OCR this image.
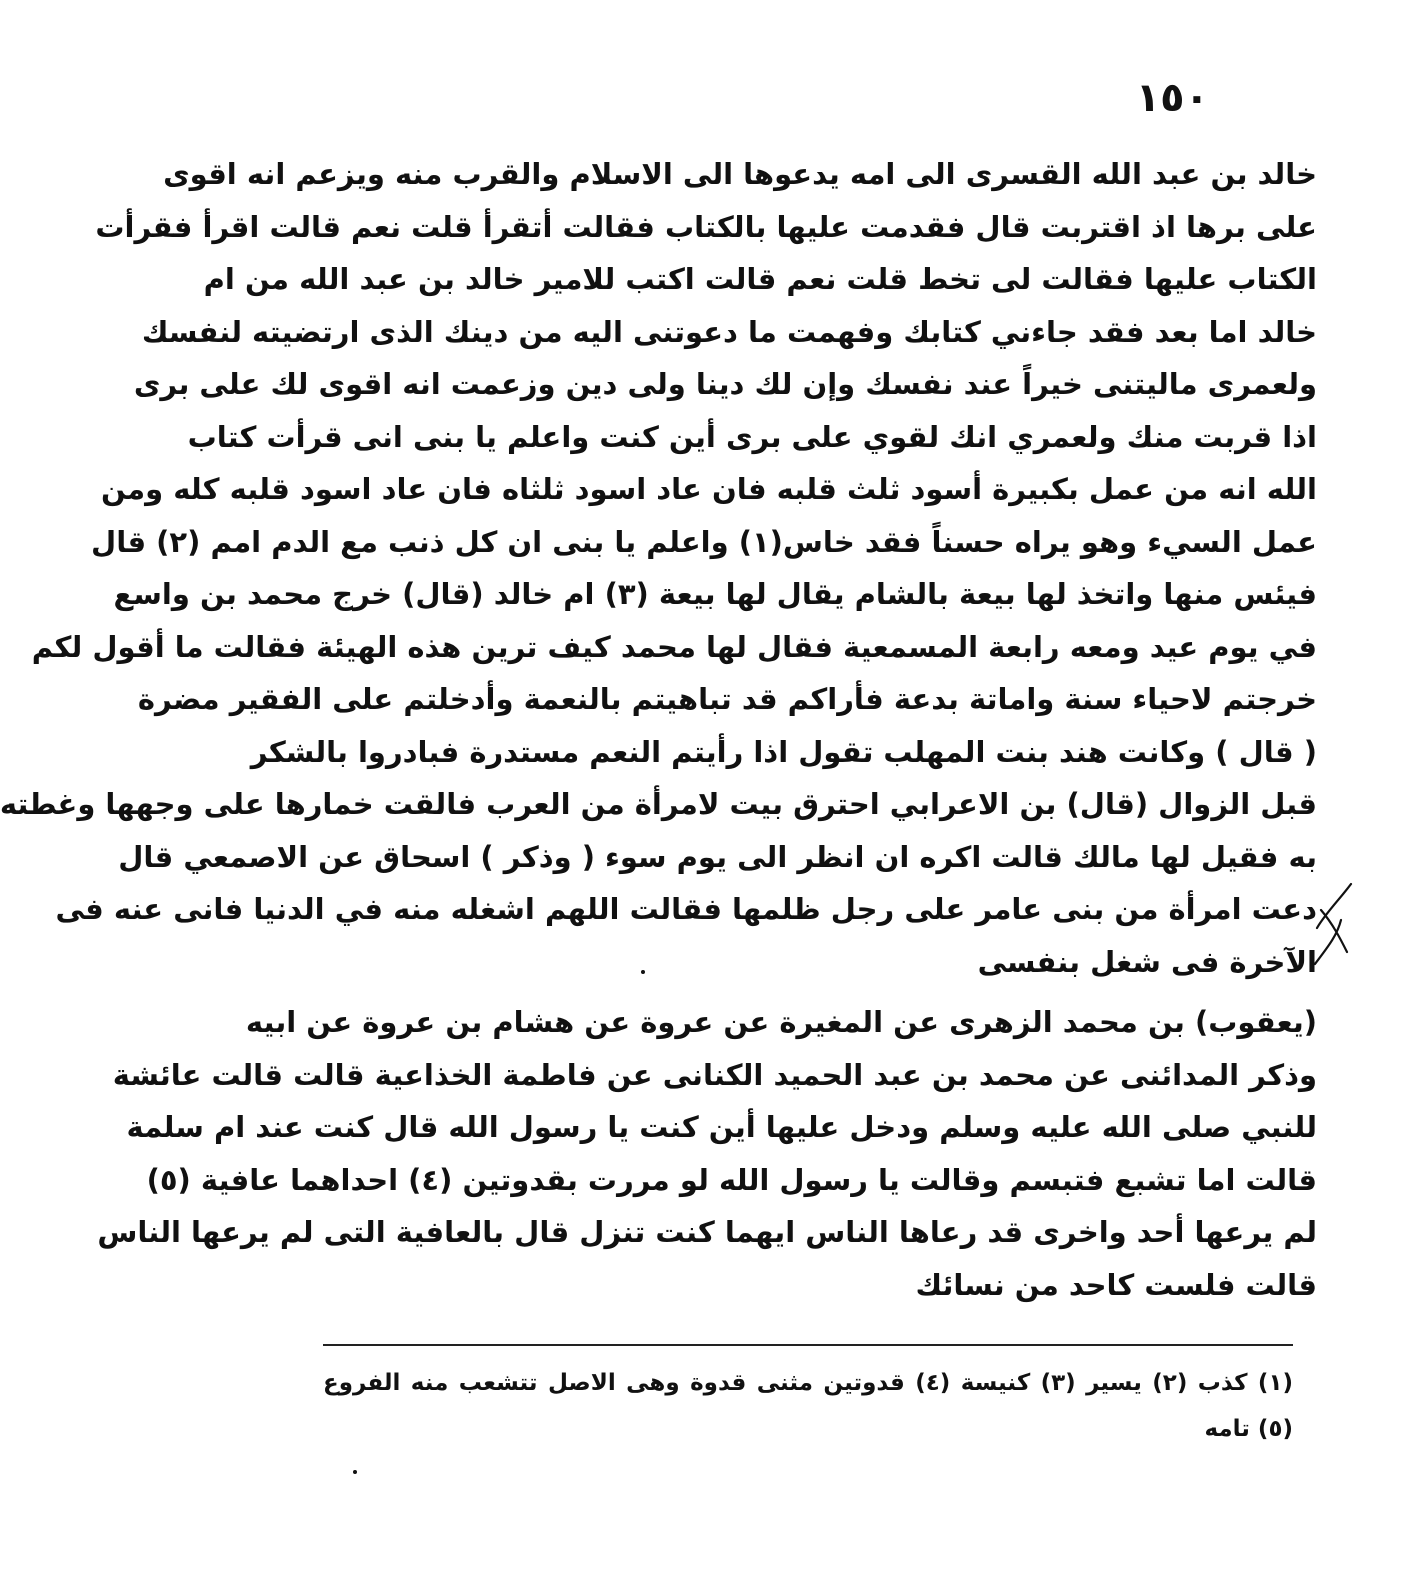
١٥٠
خالد بن عبد الله القسرى الى امه يدعوها الى الاسلام والقرب منه ويزعم انه اقوى
على برها اذ اقتربت قال فقدمت عليها بالكتاب فقالت أتقرأ قلت نعم قالت اقرأ فقرأت
الكتاب عليها فقالت لى تخط قلت نعم قالت اكتب للامير خالد بن عبد الله من ام
خالد اما بعد فقد جاءني كتابك وفهمت ما دعوتنى اليه من دينك الذى ارتضيته لنفسك
ولعمرى ماليتنى خيراً عند نفسك وإن لك دينا ولى دين وزعمت انه اقوى لك على برى
اذا قربت منك ولعمري انك لقوي على برى أين كنت واعلم يا بنى انى قرأت كتاب
الله انه من عمل بكبيرة أسود ثلث قلبه فان عاد اسود ثلثاه فان عاد اسود قلبه كله ومن
عمل السيء وهو يراه حسناً فقد خاس(١) واعلم يا بنى ان كل ذنب مع الدم امم (٢) قال
فيئس منها واتخذ لها بيعة بالشام يقال لها بيعة (٣) ام خالد (قال) خرج محمد بن واسع
في يوم عيد ومعه رابعة المسمعية فقال لها محمد كيف ترين هذه الهيئة فقالت ما أقول لكم
خرجتم لاحياء سنة واماتة بدعة فأراكم قد تباهيتم بالنعمة وأدخلتم على الفقير مضرة
( قال ) وكانت هند بنت المهلب تقول اذا رأيتم النعم مستدرة فبادروا بالشكر
قبل الزوال (قال) بن الاعرابي احترق بيت لامرأة من العرب فالقت خمارها على وجهها وغطته
به فقيل لها مالك قالت اكره ان انظر الى يوم سوء ( وذكر ) اسحاق عن الاصمعي قال
دعت امرأة من بنى عامر على رجل ظلمها فقالت اللهم اشغله منه في الدنيا فانى عنه فى
الآخرة فى شغل بنفسى
(يعقوب) بن محمد الزهرى عن المغيرة عن عروة عن هشام بن عروة عن ابيه
وذكر المدائنى عن محمد بن عبد الحميد الكنانى عن فاطمة الخذاعية قالت قالت عائشة
للنبي صلى الله عليه وسلم ودخل عليها أين كنت يا رسول الله قال كنت عند ام سلمة
قالت اما تشبع فتبسم وقالت يا رسول الله لو مررت بقدوتين (٤) احداهما عافية (٥)
لم يرعها أحد واخرى قد رعاها الناس ايهما كنت تنزل قال بالعافية التى لم يرعها الناس
قالت فلست كاحد من نسائك
(١) كذب (٢) يسير (٣) كنيسة (٤) قدوتين مثنى قدوة وهى الاصل تتشعب منه الفروع
(٥) تامه
